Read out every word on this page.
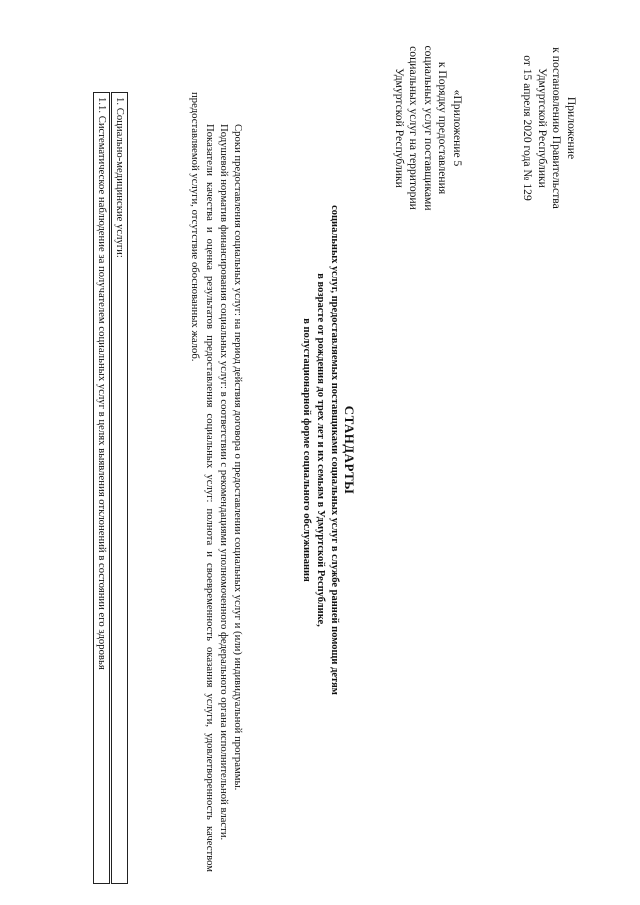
Приложение
к постановлению Правительства
Удмуртской Республики
от 15 апреля 2020 года № 129
«Приложение 5
к Порядку предоставления
социальных услуг поставщиками
социальных услуг на территории
Удмуртской Республики
СТАНДАРТЫ
социальных услуг, предоставляемых поставщиками социальных услуг в службе ранней помощи детям
в возрасте от рождения до трех лет и их семьям в Удмуртской Республике,
в полустационарной форме социального обслуживания

Сроки предоставления социальных услуг: на период действия договора о предоставлении социальных услуг и (или) индивидуальной программы.

Подушевой норматив финансирования социальных услуг: в соответствии с рекомендациями уполномоченного федерального органа исполнительной власти.

Показатели качества и оценка результатов предоставления социальных услуг: полнота и своевременность оказания услуги, удовлетворенность качеством предоставляемой услуги, отсутствие обоснованных жалоб.

1. Социально-медицинские услуги:
1.1. Систематическое наблюдение за получателем социальных услуг в целях выявления отклонений в состоянии его здоровья
